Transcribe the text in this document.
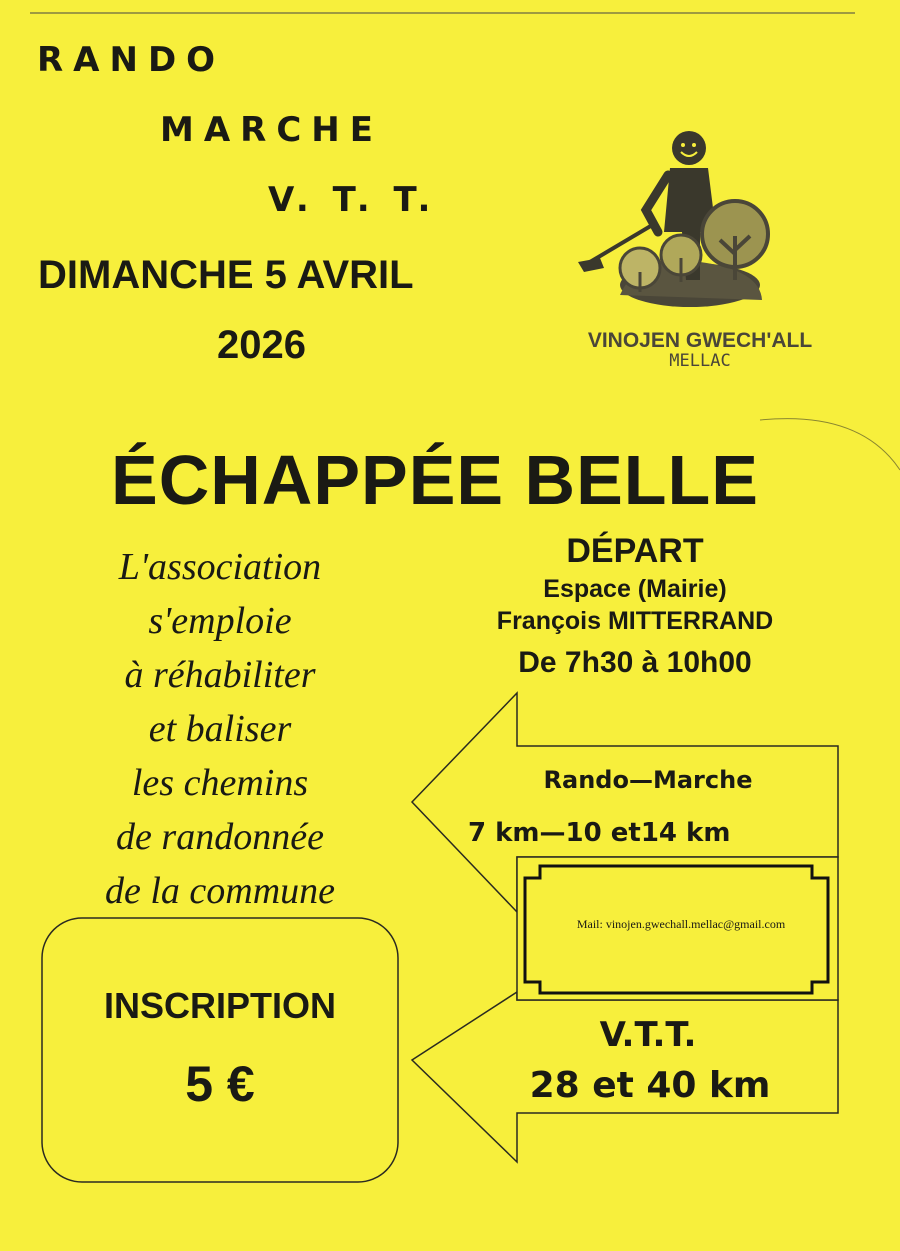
RANDO
MARCHE
V. T. T.
DIMANCHE 5 AVRIL
2026	VINOJEN GWECH'ALL
MELLAC
ÉCHAPPÉE BELLE
L'association
s'emploie
à réhabiliter
et baliser
les chemins
de randonnée
de la commune
DÉPART
Espace (Mairie)
François MITTERRAND
De 7h30 à 10h00
Rando—Marche
7 km—10 et14 km
Mail: vinojen.gwechall.mellac@gmail.com
V.T.T.
28 et 40 km
INSCRIPTION
5 €
